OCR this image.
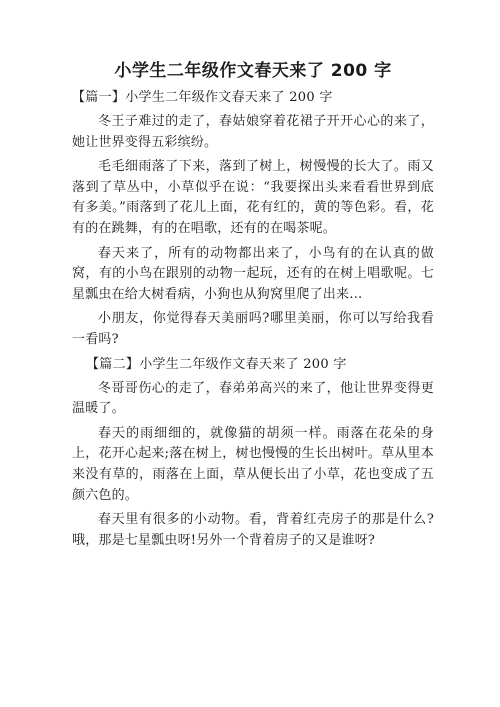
小学生二年级作文春天来了 200 字

【篇一】小学生二年级作文春天来了 200 字

冬王子难过的走了，春姑娘穿着花裙子开开心心的来了，她让世界变得五彩缤纷。

毛毛细雨落了下来，落到了树上，树慢慢的长大了。雨又落到了草丛中，小草似乎在说：“我要探出头来看看世界到底有多美。”雨落到了花儿上面，花有红的，黄的等色彩。看，花有的在跳舞，有的在唱歌，还有的在喝茶呢。

春天来了，所有的动物都出来了，小鸟有的在认真的做窝，有的小鸟在跟别的动物一起玩，还有的在树上唱歌呢。七星瓢虫在给大树看病，小狗也从狗窝里爬了出来…

小朋友，你觉得春天美丽吗?哪里美丽，你可以写给我看一看吗?

【篇二】小学生二年级作文春天来了 200 字

冬哥哥伤心的走了，春弟弟高兴的来了，他让世界变得更温暖了。

春天的雨细细的，就像猫的胡须一样。雨落在花朵的身上，花开心起来;落在树上，树也慢慢的生长出树叶。草从里本来没有草的，雨落在上面，草从便长出了小草，花也变成了五颜六色的。

春天里有很多的小动物。看，背着红壳房子的那是什么?哦，那是七星瓢虫呀!另外一个背着房子的又是谁呀?
